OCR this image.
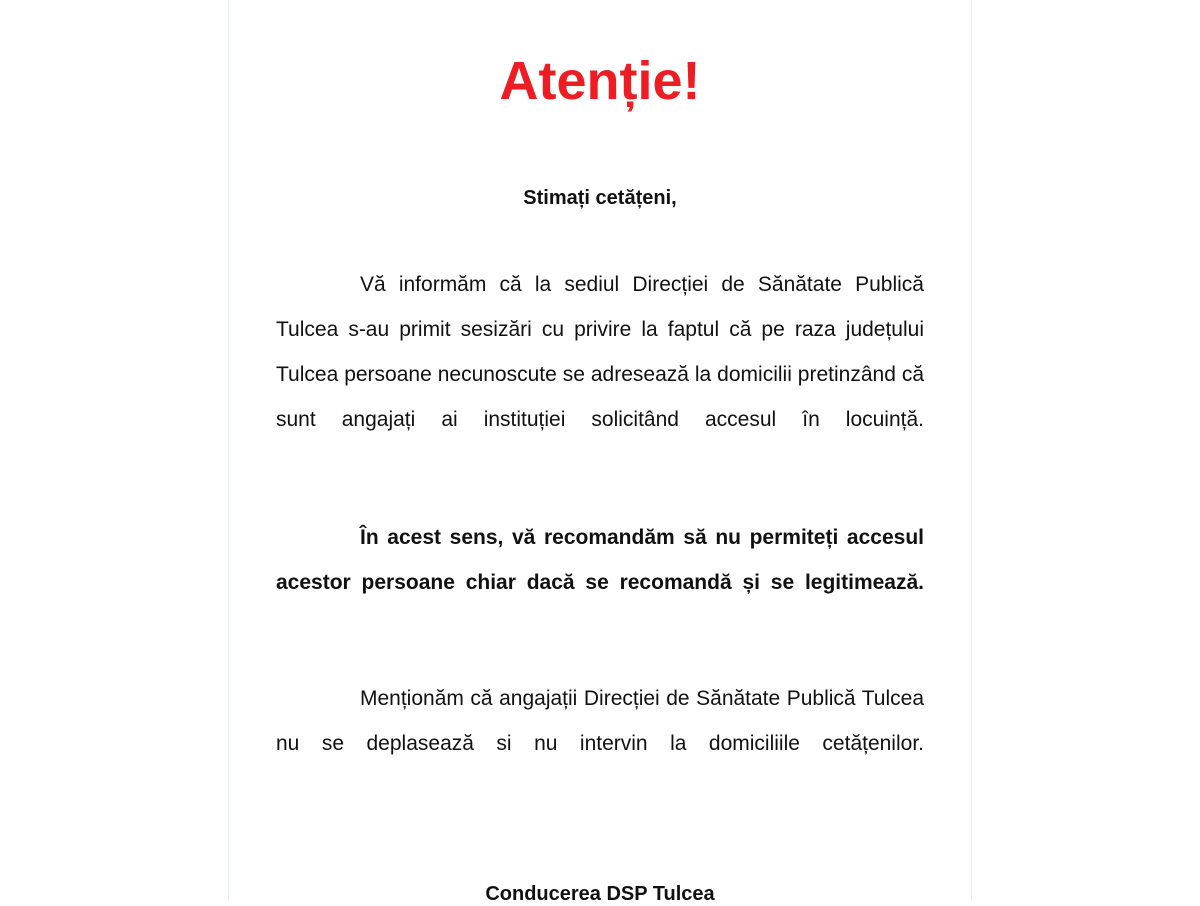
Atenție!
Stimați cetățeni,

Vă informăm că la sediul Direcției de Sănătate Publică Tulcea s-au primit sesizări cu privire la faptul că pe raza județului Tulcea persoane necunoscute se adresează la domicilii pretinzând că sunt angajați ai instituției solicitând accesul în locuință.

În acest sens, vă recomandăm să nu permiteți accesul acestor persoane chiar dacă se recomandă și se legitimează.

Menționăm că angajații Direcției de Sănătate Publică Tulcea nu se deplasează si nu intervin la domiciliile cetățenilor.

Conducerea DSP Tulcea
